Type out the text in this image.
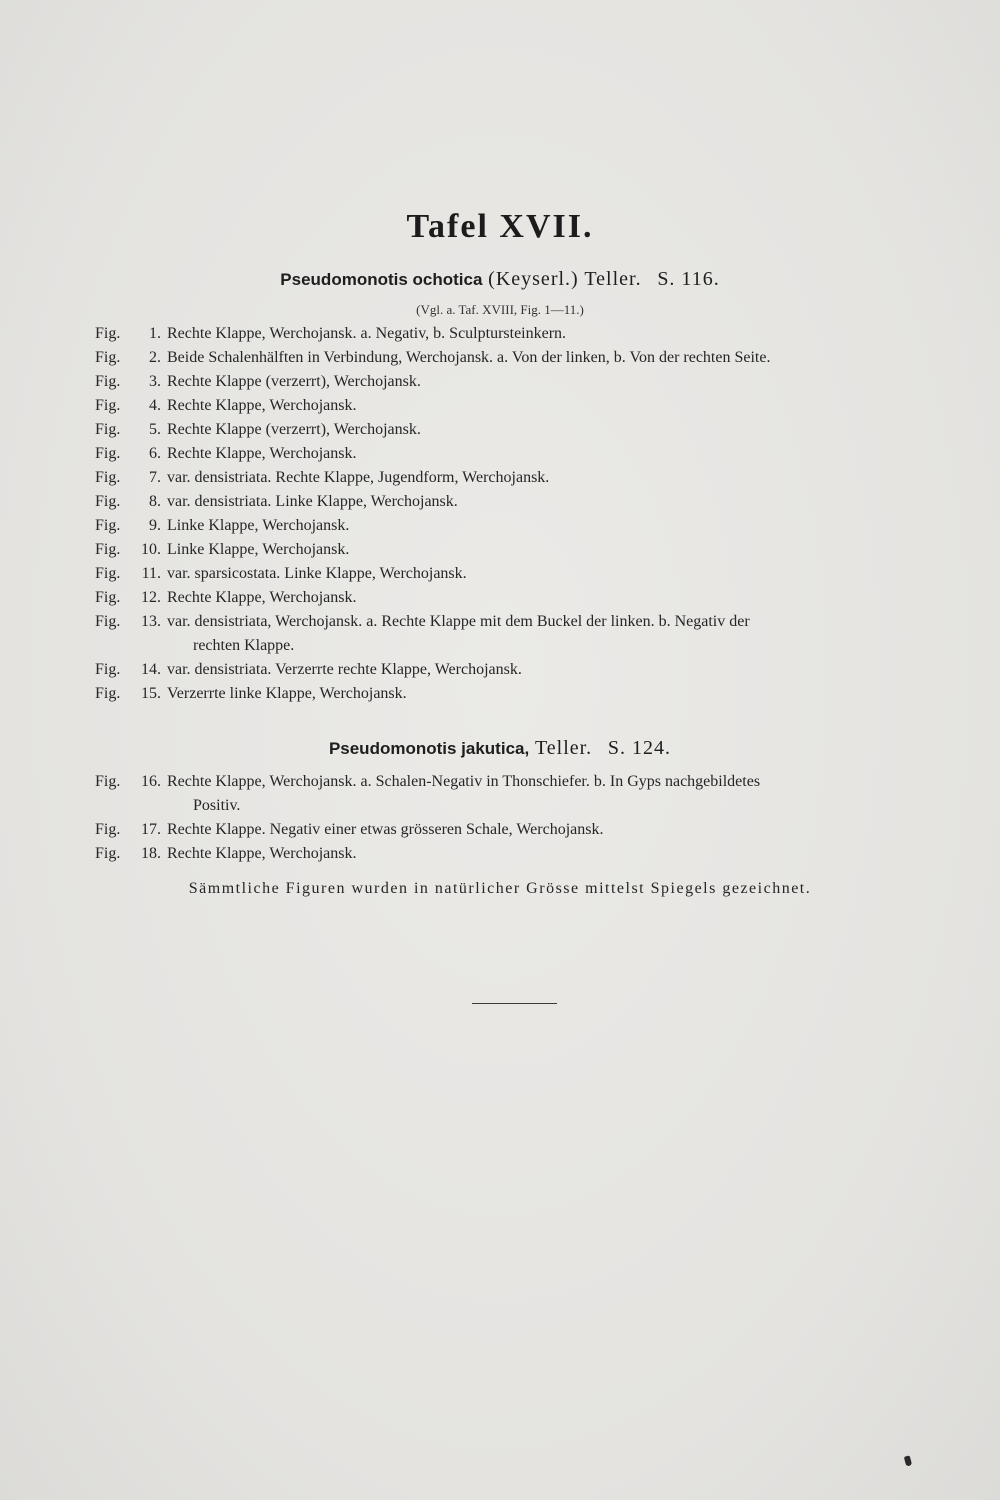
Tafel XVII.
Pseudomonotis ochotica (Keyserl.) Teller. S. 116.
(Vgl. a. Taf. XVIII, Fig. 1—11.)
Fig.	1. Rechte Klappe, Werchojansk. a. Negativ, b. Sculptursteinkern.
Fig.	2. Beide Schalenhälften in Verbindung, Werchojansk. a. Von der linken, b. Von der rechten Seite.
Fig.	3. Rechte Klappe (verzerrt), Werchojansk.
Fig.	4. Rechte Klappe, Werchojansk.
Fig.	5. Rechte Klappe (verzerrt), Werchojansk.
Fig.	6. Rechte Klappe, Werchojansk.
Fig.	7. var. densistriata. Rechte Klappe, Jugendform, Werchojansk.
Fig.	8. var. densistriata. Linke Klappe, Werchojansk.
Fig.	9. Linke Klappe, Werchojansk.
Fig.	10. Linke Klappe, Werchojansk.
Fig.	11. var. sparsicostata. Linke Klappe, Werchojansk.
Fig.	12. Rechte Klappe, Werchojansk.
Fig.	13. var. densistriata, Werchojansk. a. Rechte Klappe mit dem Buckel der linken. b. Negativ der
rechten Klappe.
Fig.	14. var. densistriata. Verzerrte rechte Klappe, Werchojansk.
Fig.	15. Verzerrte linke Klappe, Werchojansk.
Pseudomonotis jakutica, Teller. S. 124.
Fig.	16. Rechte Klappe, Werchojansk. a. Schalen-Negativ in Thonschiefer. b. In Gyps nachgebildetes
Positiv.
Fig.	17. Rechte Klappe. Negativ einer etwas grösseren Schale, Werchojansk.
Fig.	18. Rechte Klappe, Werchojansk.
Sämmtliche Figuren wurden in natürlicher Grösse mittelst Spiegels gezeichnet.
